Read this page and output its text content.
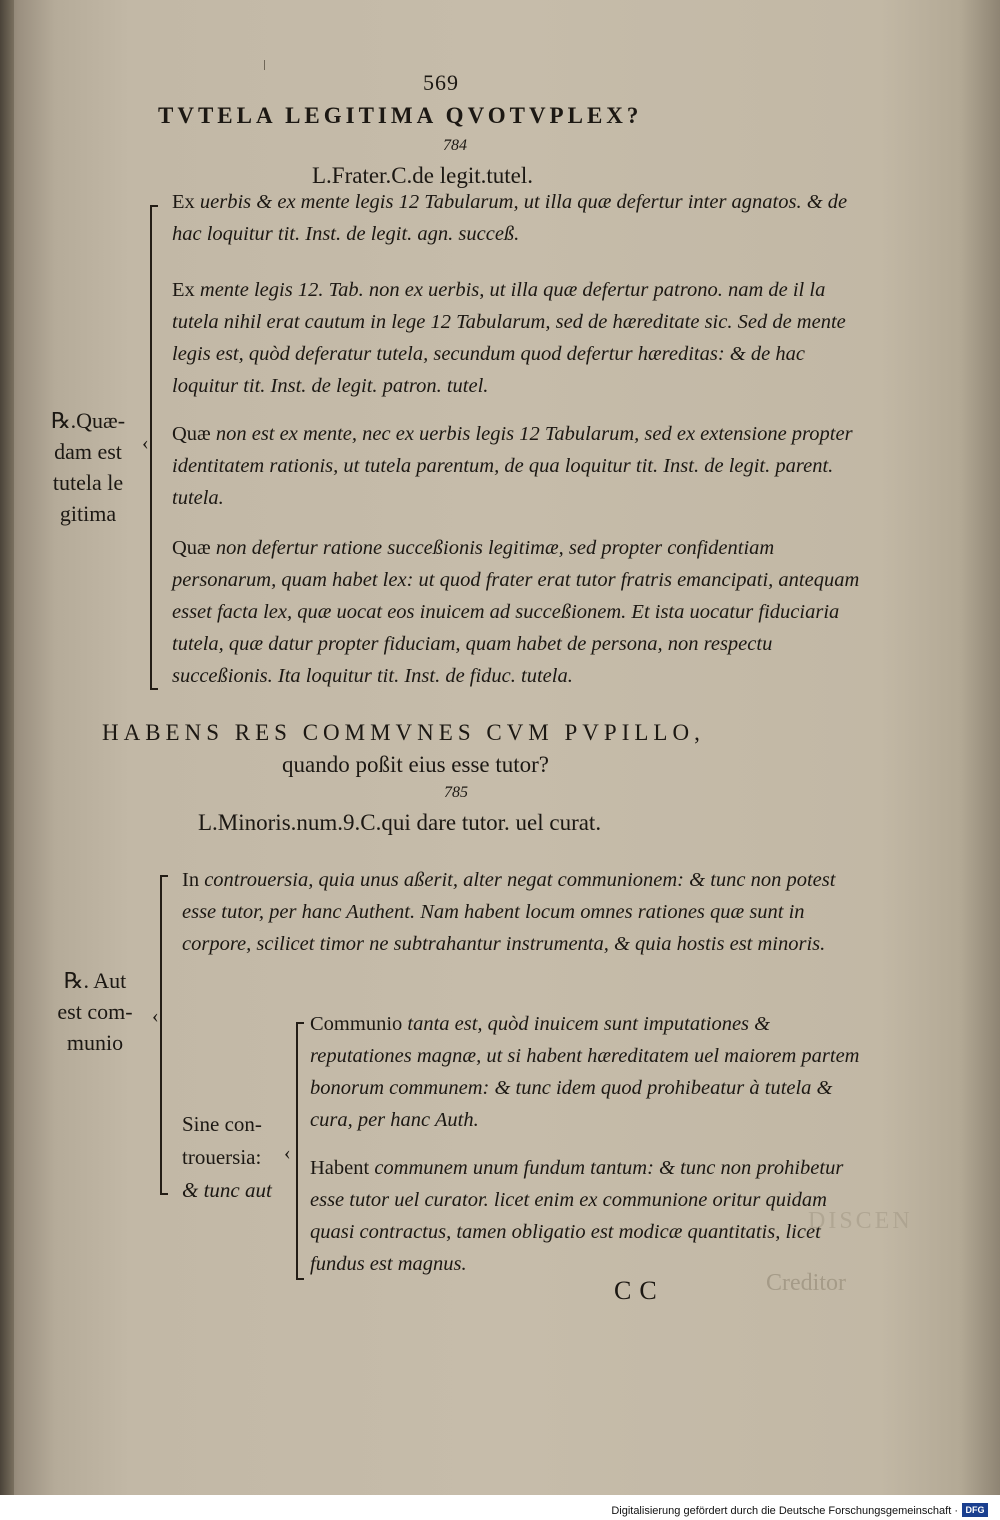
569
TVTELA LEGITIMA QVOTVPLEX?
784
L.Frater.C.de legit.tutel.
‹
℞.Quæ-
dam est
tutela le
gitima
Ex uerbis & ex mente legis 12 Tabularum, ut illa quæ defertur inter agnatos. & de hac loquitur tit. Inst. de legit. agn. succeß.
Ex mente legis 12. Tab. non ex uerbis, ut illa quæ defertur patrono. nam de il la tutela nihil erat cautum in lege 12 Tabularum, sed de hæreditate sic. Sed de mente legis est, quòd deferatur tutela, secundum quod defertur hæreditas: & de hac loquitur tit. Inst. de legit. patron. tutel.
Quæ non est ex mente, nec ex uerbis legis 12 Tabularum, sed ex extensione propter identitatem rationis, ut tutela parentum, de qua loquitur tit. Inst. de legit. parent. tutela.
Quæ non defertur ratione succeßionis legitimæ, sed propter confidentiam personarum, quam habet lex: ut quod frater erat tutor fratris emancipati, antequam esset facta lex, quæ uocat eos inuicem ad succeßionem. Et ista uocatur fiduciaria tutela, quæ datur propter fiduciam, quam habet de persona, non respectu succeßionis. Ita loquitur tit. Inst. de fiduc. tutela.
HABENS RES COMMVNES CVM PVPILLO,
quando poßit eius esse tutor?
785
L.Minoris.num.9.C.qui dare tutor. uel curat.
‹
℞. Aut
est com-
munio
In controuersia, quia unus aßerit, alter negat communionem: & tunc non potest esse tutor, per hanc Authent. Nam habent locum omnes rationes quæ sunt in corpore, scilicet timor ne subtrahantur instrumenta, & quia hostis est minoris.
Sine con-
trouersia:
& tunc aut
‹
Communio tanta est, quòd inuicem sunt imputationes & reputationes magnæ, ut si habent hæreditatem uel maiorem partem bonorum communem: & tunc idem quod prohibeatur à tutela & cura, per hanc Auth.
Habent communem unum fundum tantum: & tunc non prohibetur esse tutor uel curator. licet enim ex communione oritur quidam quasi contractus, tamen obligatio est modicæ quantitatis, licet fundus est magnus.
DISCEN
CC	Creditor
Digitalisierung gefördert durch die Deutsche Forschungsgemeinschaft · DFG
